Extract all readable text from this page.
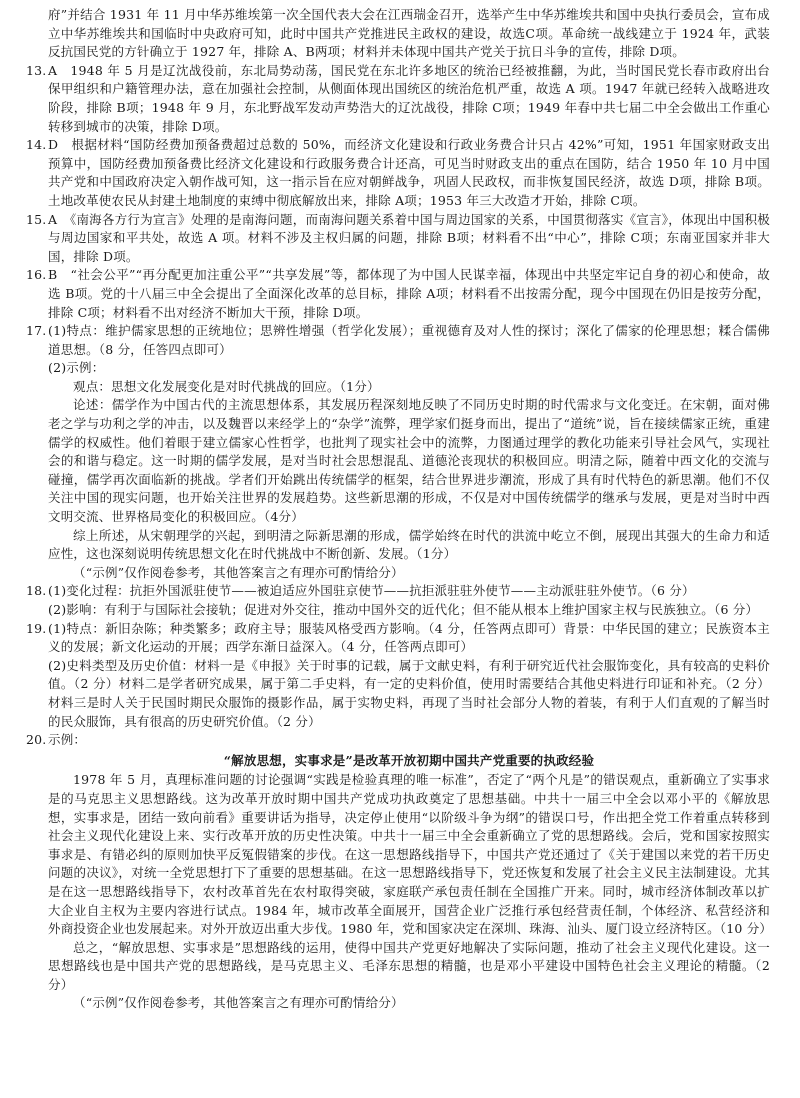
府”并结合 1931 年 11 月中华苏维埃第一次全国代表大会在江西瑞金召开，选举产生中华苏维埃共和国中央执行委员会，宣布成立中华苏维埃共和国临时中央政府可知，此时中国共产党推进民主政权的建设，故选C项。革命统一战线建立于 1924 年，武装反抗国民党的方针确立于 1927 年，排除 A、B两项；材料并未体现中国共产党关于抗日斗争的宣传，排除 D项。

13. A　1948 年 5 月是辽沈战役前，东北局势动荡，国民党在东北许多地区的统治已经被推翻，为此，当时国民党长春市政府出台保甲组织和户籍管理办法，意在加强社会控制，从侧面体现出国统区的统治危机严重，故选 A 项。1947 年就已经转入战略进攻阶段，排除 B项；1948 年 9 月，东北野战军发动声势浩大的辽沈战役，排除 C项；1949 年春中共七届二中全会做出工作重心转移到城市的决策，排除 D项。

14. D　根据材料“国防经费加预备费超过总数的 50%，而经济文化建设和行政业务费合计只占 42%”可知，1951 年国家财政支出预算中，国防经费加预备费比经济文化建设和行政服务费合计还高，可见当时财政支出的重点在国防，结合 1950 年 10 月中国共产党和中国政府决定入朝作战可知，这一指示旨在应对朝鲜战争，巩固人民政权，而非恢复国民经济，故选 D项，排除 B项。土地改革使农民从封建土地制度的束缚中彻底解放出来，排除 A项；1953 年三大改造才开始，排除 C项。

15. A　《南海各方行为宣言》处理的是南海问题，而南海问题关系着中国与周边国家的关系，中国贯彻落实《宣言》，体现出中国积极与周边国家和平共处，故选 A 项。材料不涉及主权归属的问题，排除 B项；材料看不出“中心”，排除 C项；东南亚国家并非大国，排除 D项。

16. B　“社会公平”“再分配更加注重公平”“共享发展”等，都体现了为中国人民谋幸福，体现出中共坚定牢记自身的初心和使命，故选 B项。党的十八届三中全会提出了全面深化改革的总目标，排除 A项；材料看不出按需分配，现今中国现在仍旧是按劳分配，排除 C项；材料看不出对经济不断加大干预，排除 D项。

17. (1)特点：维护儒家思想的正统地位；思辨性增强（哲学化发展）；重视德育及对人性的探讨；深化了儒家的伦理思想；糅合儒佛道思想。（8 分，任答四点即可）

(2)示例：

观点：思想文化发展变化是对时代挑战的回应。（1分）

论述：儒学作为中国古代的主流思想体系，其发展历程深刻地反映了不同历史时期的时代需求与文化变迁。在宋朝，面对佛老之学与功利之学的冲击，以及魏晋以来经学上的“杂学”流弊，理学家们挺身而出，提出了“道统”说，旨在接续儒家正统，重建儒学的权威性。他们着眼于建立儒家心性哲学，也批判了现实社会中的流弊，力图通过理学的教化功能来引导社会风气，实现社会的和谐与稳定。这一时期的儒学发展，是对当时社会思想混乱、道德沦丧现状的积极回应。明清之际，随着中西文化的交流与碰撞，儒学再次面临新的挑战。学者们开始跳出传统儒学的框架，结合世界进步潮流，形成了具有时代特色的新思潮。他们不仅关注中国的现实问题，也开始关注世界的发展趋势。这些新思潮的形成，不仅是对中国传统儒学的继承与发展，更是对当时中西文明交流、世界格局变化的积极回应。（4分）

综上所述，从宋朝理学的兴起，到明清之际新思潮的形成，儒学始终在时代的洪流中屹立不倒，展现出其强大的生命力和适应性，这也深刻说明传统思想文化在时代挑战中不断创新、发展。（1分）

（“示例”仅作阅卷参考，其他答案言之有理亦可酌情给分）

18. (1)变化过程：抗拒外国派驻使节——被迫适应外国驻京使节——抗拒派驻驻外使节——主动派驻驻外使节。（6 分）

(2)影响：有利于与国际社会接轨；促进对外交往，推动中国外交的近代化；但不能从根本上维护国家主权与民族独立。（6 分）

19. (1)特点：新旧杂陈；种类繁多；政府主导；服装风格受西方影响。（4 分，任答两点即可）背景：中华民国的建立；民族资本主义的发展；新文化运动的开展；西学东渐日益深入。（4 分，任答两点即可）

(2)史料类型及历史价值：材料一是《申报》关于时事的记载，属于文献史料，有利于研究近代社会服饰变化，具有较高的史料价值。（2 分）材料二是学者研究成果，属于第二手史料，有一定的史料价值，使用时需要结合其他史料进行印证和补充。（2 分）材料三是时人关于民国时期民众服饰的摄影作品，属于实物史料，再现了当时社会部分人物的着装，有利于人们直观的了解当时的民众服饰，具有很高的历史研究价值。（2 分）

20. 示例：

“解放思想，实事求是”是改革开放初期中国共产党重要的执政经验

1978 年 5 月，真理标准问题的讨论强调“实践是检验真理的唯一标准”，否定了“两个凡是”的错误观点，重新确立了实事求是的马克思主义思想路线。这为改革开放时期中国共产党成功执政奠定了思想基础。中共十一届三中全会以邓小平的《解放思想，实事求是，团结一致向前看》重要讲话为指导，决定停止使用“以阶级斗争为纲”的错误口号，作出把全党工作着重点转移到社会主义现代化建设上来、实行改革开放的历史性决策。中共十一届三中全会重新确立了党的思想路线。会后，党和国家按照实事求是、有错必纠的原则加快平反冤假错案的步伐。在这一思想路线指导下，中国共产党还通过了《关于建国以来党的若干历史问题的决议》，对统一全党思想打下了重要的思想基础。在这一思想路线指导下，党还恢复和发展了社会主义民主法制建设。尤其是在这一思想路线指导下，农村改革首先在农村取得突破，家庭联产承包责任制在全国推广开来。同时，城市经济体制改革以扩大企业自主权为主要内容进行试点。1984 年，城市改革全面展开，国营企业广泛推行承包经营责任制，个体经济、私营经济和外商投资企业也发展起来。对外开放迈出重大步伐。1980 年，党和国家决定在深圳、珠海、汕头、厦门设立经济特区。（10 分）

总之，“解放思想、实事求是”思想路线的运用，使得中国共产党更好地解决了实际问题，推动了社会主义现代化建设。这一思想路线也是中国共产党的思想路线，是马克思主义、毛泽东思想的精髓，也是邓小平建设中国特色社会主义理论的精髓。（2 分）

（“示例”仅作阅卷参考，其他答案言之有理亦可酌情给分）
